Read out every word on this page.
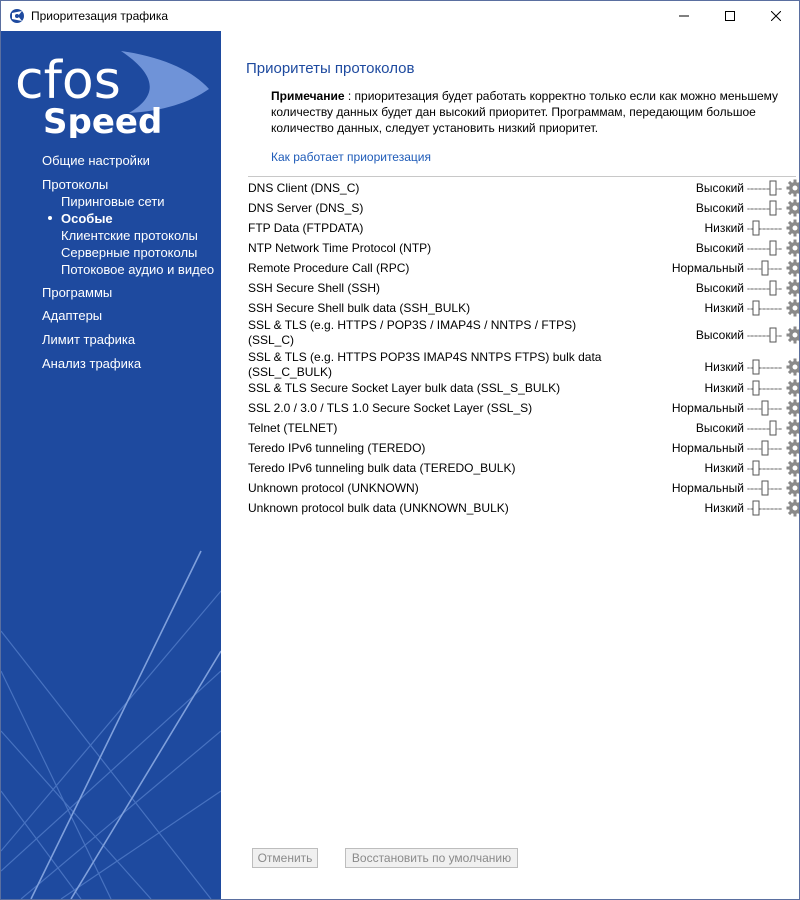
Приоритезация трафика
cfos
Speed
Общие настройки
Протоколы
Пиринговые сети
Особые
Клиентские протоколы
Серверные протоколы
Потоковое аудио и видео
Программы
Адаптеры
Лимит трафика
Анализ трафика
Приоритеты протоколов
Примечание : приоритезация будет работать корректно только если как можно меньшему количеству данных будет дан высокий приоритет. Программам, передающим большое количество данных, следует установить низкий приоритет.
Как работает приоритезация
DNS Client (DNS_C)	Высокий
DNS Server (DNS_S)	Высокий
FTP Data (FTPDATA)	Низкий
NTP Network Time Protocol (NTP)	Высокий
Remote Procedure Call (RPC)	Нормальный
SSH Secure Shell (SSH)	Высокий
SSH Secure Shell bulk data (SSH_BULK)	Низкий
SSL & TLS (e.g. HTTPS / POP3S / IMAP4S / NNTPS / FTPS)
(SSL_C)	Высокий
SSL & TLS (e.g. HTTPS POP3S IMAP4S NNTPS FTPS) bulk data
(SSL_C_BULK)	Низкий
SSL & TLS Secure Socket Layer bulk data (SSL_S_BULK)	Низкий
SSL 2.0 / 3.0 / TLS 1.0 Secure Socket Layer (SSL_S)	Нормальный
Telnet (TELNET)	Высокий
Teredo IPv6 tunneling (TEREDO)	Нормальный
Teredo IPv6 tunneling bulk data (TEREDO_BULK)	Низкий
Unknown protocol (UNKNOWN)	Нормальный
Unknown protocol bulk data (UNKNOWN_BULK)	Низкий
Отменить	Восстановить по умолчанию
